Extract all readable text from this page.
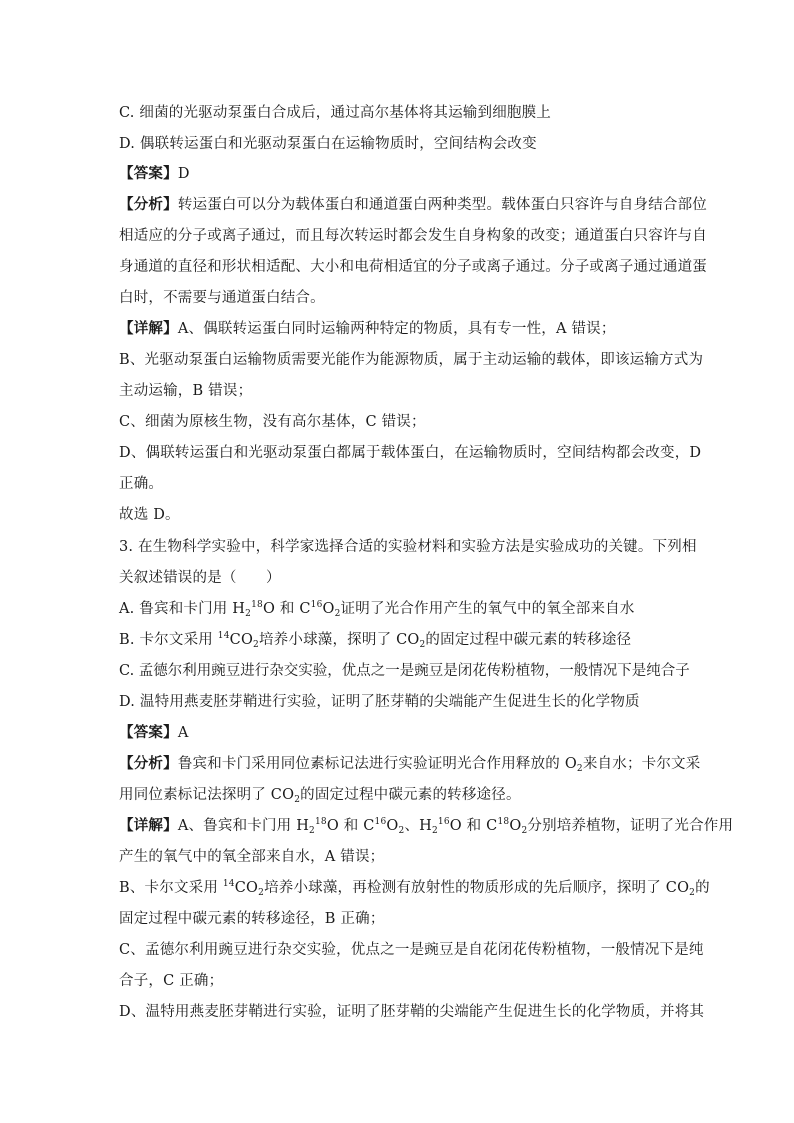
C. 细菌的光驱动泵蛋白合成后，通过高尔基体将其运输到细胞膜上
D. 偶联转运蛋白和光驱动泵蛋白在运输物质时，空间结构会改变
【答案】D
【分析】转运蛋白可以分为载体蛋白和通道蛋白两种类型。载体蛋白只容许与自身结合部位
相适应的分子或离子通过，而且每次转运时都会发生自身构象的改变；通道蛋白只容许与自
身通道的直径和形状相适配、大小和电荷相适宜的分子或离子通过。分子或离子通过通道蛋
白时，不需要与通道蛋白结合。
【详解】A、偶联转运蛋白同时运输两种特定的物质，具有专一性，A 错误；
B、光驱动泵蛋白运输物质需要光能作为能源物质，属于主动运输的载体，即该运输方式为
主动运输，B 错误；
C、细菌为原核生物，没有高尔基体，C 错误；
D、偶联转运蛋白和光驱动泵蛋白都属于载体蛋白，在运输物质时，空间结构都会改变，D
正确。
故选 D。
3. 在生物科学实验中，科学家选择合适的实验材料和实验方法是实验成功的关键。下列相
关叙述错误的是（　　）
A. 鲁宾和卡门用 $H_2^{18}O$ 和 $C^{16}O_2$证明了光合作用产生的氧气中的氧全部来自水
B. 卡尔文采用 $^{14}CO_2$培养小球藻，探明了 $CO_2$的固定过程中碳元素的转移途径
C. 孟德尔利用豌豆进行杂交实验，优点之一是豌豆是闭花传粉植物，一般情况下是纯合子
D. 温特用燕麦胚芽鞘进行实验，证明了胚芽鞘的尖端能产生促进生长的化学物质
【答案】A
【分析】鲁宾和卡门采用同位素标记法进行实验证明光合作用释放的 $O_2$来自水；卡尔文采
用同位素标记法探明了 $CO_2$的固定过程中碳元素的转移途径。
【详解】A、鲁宾和卡门用 $H_2^{18}O$ 和 $C^{16}O_2$、$H_2^{16}O$ 和 $C^{18}O_2$分别培养植物，证明了光合作用
产生的氧气中的氧全部来自水，A 错误；
B、卡尔文采用 $^{14}CO_2$培养小球藻，再检测有放射性的物质形成的先后顺序，探明了 $CO_2$的
固定过程中碳元素的转移途径，B 正确；
C、孟德尔利用豌豆进行杂交实验，优点之一是豌豆是自花闭花传粉植物，一般情况下是纯
合子，C 正确；
D、温特用燕麦胚芽鞘进行实验，证明了胚芽鞘的尖端能产生促进生长的化学物质，并将其
